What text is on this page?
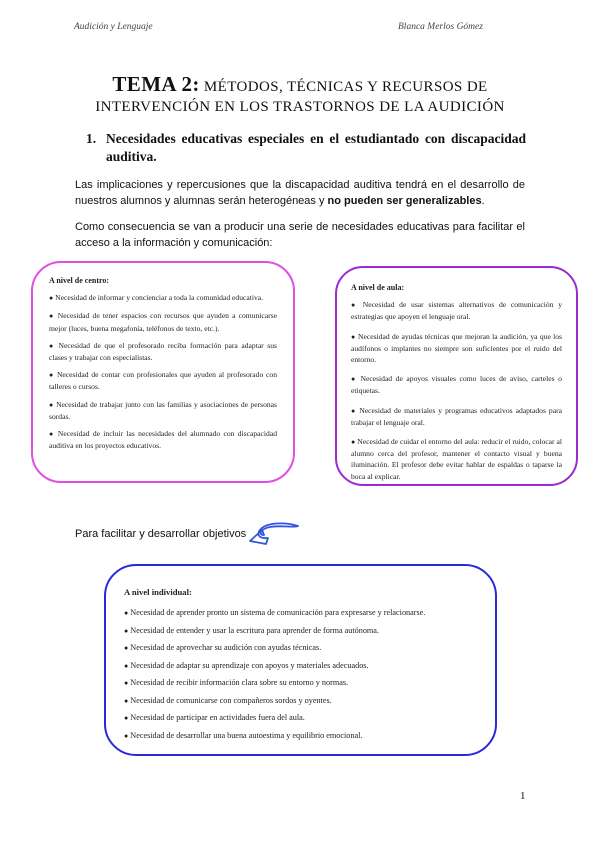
Audición y Lenguaje	Blanca Merlos Gómez
TEMA 2: MÉTODOS, TÉCNICAS Y RECURSOS DE
INTERVENCIÓN EN LOS TRASTORNOS DE LA AUDICIÓN
1. Necesidades educativas especiales en el estudiantado con discapacidad auditiva.
Las implicaciones y repercusiones que la discapacidad auditiva tendrá en el desarrollo de nuestros alumnos y alumnas serán heterogéneas y no pueden ser generalizables.
Como consecuencia se van a producir una serie de necesidades educativas para facilitar el acceso a la información y comunicación:
A nivel de centro:
● Necesidad de informar y concienciar a toda la comunidad educativa.
● Necesidad de tener espacios con recursos que ayuden a comunicarse mejor (luces, buena megafonía, teléfonos de texto, etc.).
● Necesidad de que el profesorado reciba formación para adaptar sus clases y trabajar con especialistas.
● Necesidad de contar con profesionales que ayuden al profesorado con talleres o cursos.
● Necesidad de trabajar junto con las familias y asociaciones de personas sordas.
● Necesidad de incluir las necesidades del alumnado con discapacidad auditiva en los proyectos educativos.
A nivel de aula:
● Necesidad de usar sistemas alternativos de comunicación y estrategias que apoyen el lenguaje oral.
● Necesidad de ayudas técnicas que mejoran la audición, ya que los audífonos o implantes no siempre son suficientes por el ruido del entorno.
● Necesidad de apoyos visuales como luces de aviso, carteles o etiquetas.
● Necesidad de materiales y programas educativos adaptados para trabajar el lenguaje oral.
● Necesidad de cuidar el entorno del aula: reducir el ruido, colocar al alumno cerca del profesor, mantener el contacto visual y buena iluminación. El profesor debe evitar hablar de espaldas o taparse la boca al explicar.
Para facilitar y desarrollar objetivos
A nivel individual:
● Necesidad de aprender pronto un sistema de comunicación para expresarse y relacionarse.
● Necesidad de entender y usar la escritura para aprender de forma autónoma.
● Necesidad de aprovechar su audición con ayudas técnicas.
● Necesidad de adaptar su aprendizaje con apoyos y materiales adecuados.
● Necesidad de recibir información clara sobre su entorno y normas.
● Necesidad de comunicarse con compañeros sordos y oyentes.
● Necesidad de participar en actividades fuera del aula.
● Necesidad de desarrollar una buena autoestima y equilibrio emocional.
1
